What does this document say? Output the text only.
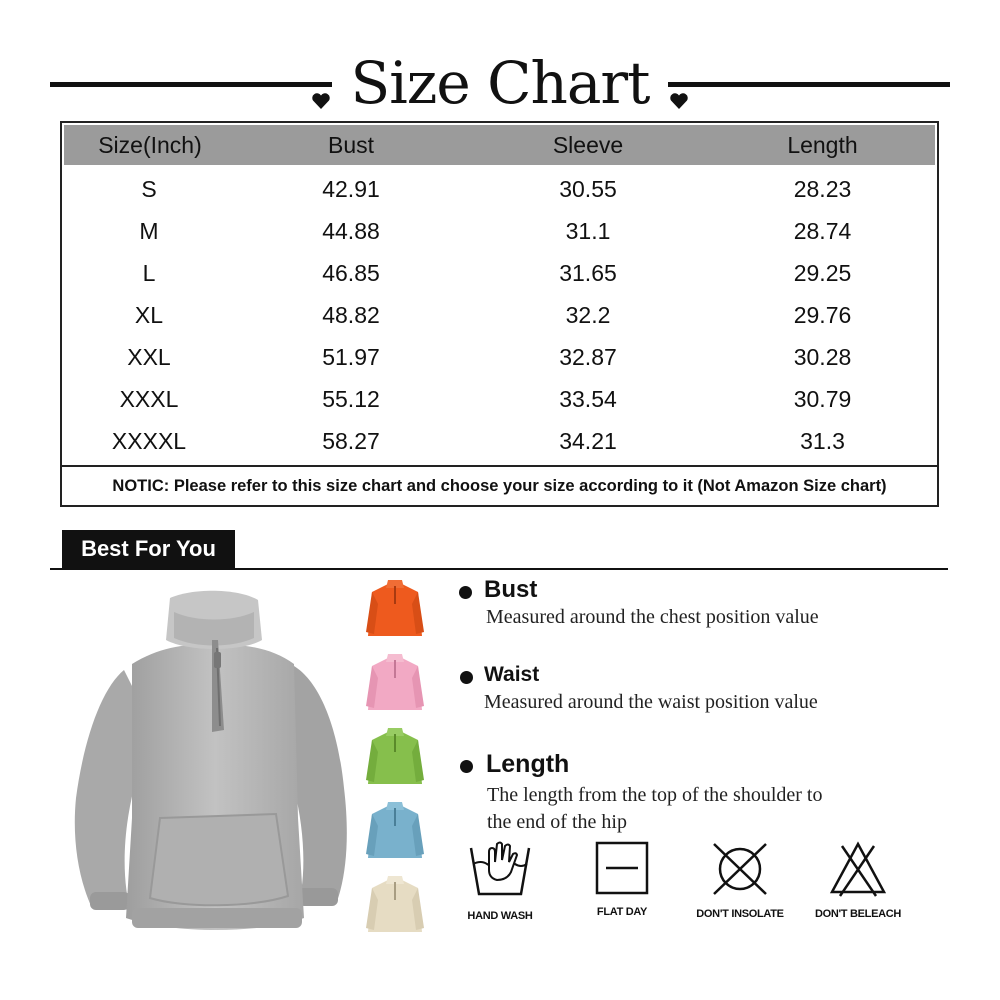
Size Chart
Size(Inch)	Bust	Sleeve	Length
S	42.91	30.55	28.23
M	44.88	31.1	28.74
L	46.85	31.65	29.25
XL	48.82	32.2	29.76
XXL	51.97	32.87	30.28
XXXL	55.12	33.54	30.79
XXXXL	58.27	34.21	31.3
NOTIC: Please refer to this size chart and choose your size according to it (Not Amazon Size chart)
Best For You
Bust
Measured around the chest position value
Waist
Measured around the waist position value
Length
The length from the top of the shoulder to
the end of the hip
HAND WASH	FLAT DAY	DON'T INSOLATE	DON'T BELEACH
